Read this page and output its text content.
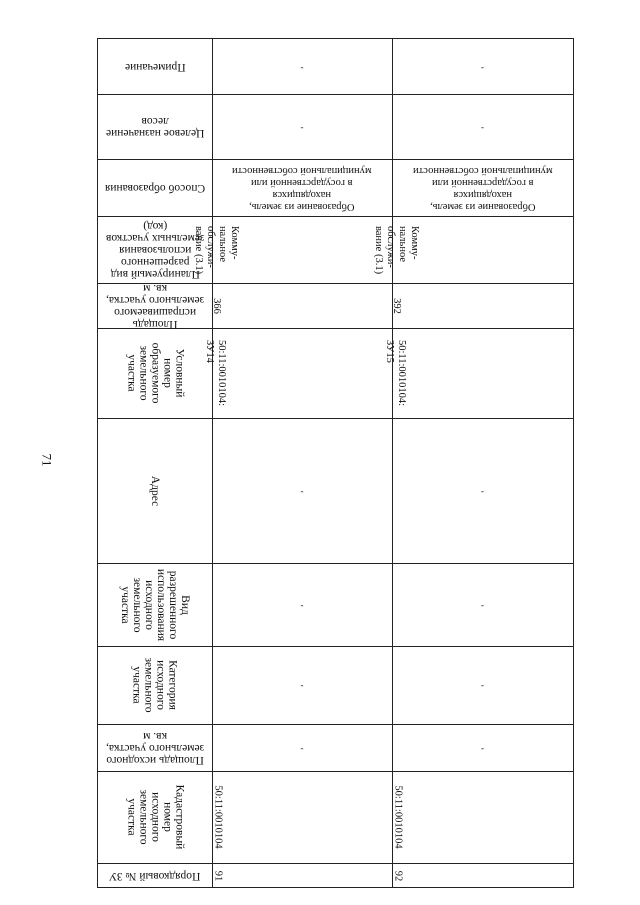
71
Примечание
Целевое назначение
лесов
Способ образования
Планируемый вид
разрешенного
использования
земельных участков
(код)
Площадь
испрашиваемого
земельного участка,
кв. м
Условный
номер
образуемого
земельного
участка
Адрес
Вид
разрешенного
использования
исходного
земельного
участка
Категория
исходного
земельного
участка
Площадь исходного
земельного участка,
кв. м
Кадастровый
номер
исходного
земельного
участка
Порядковый № ЗУ
-
-
Образование из земель,
находящихся
в государственной или
муниципальной собственности
Комму-
нальное
обслужи-
вание (3.1)
366
50:11:0010104:
ЗУ14
-
-
-
-
50:11:0010104
91
-
-
Образование из земель,
находящихся
в государственной или
муниципальной собственности
Комму-
нальное
обслужи-
вание (3.1)
392
50:11:0010104:
ЗУ15
-
-
-
-
50:11:0010104
92
